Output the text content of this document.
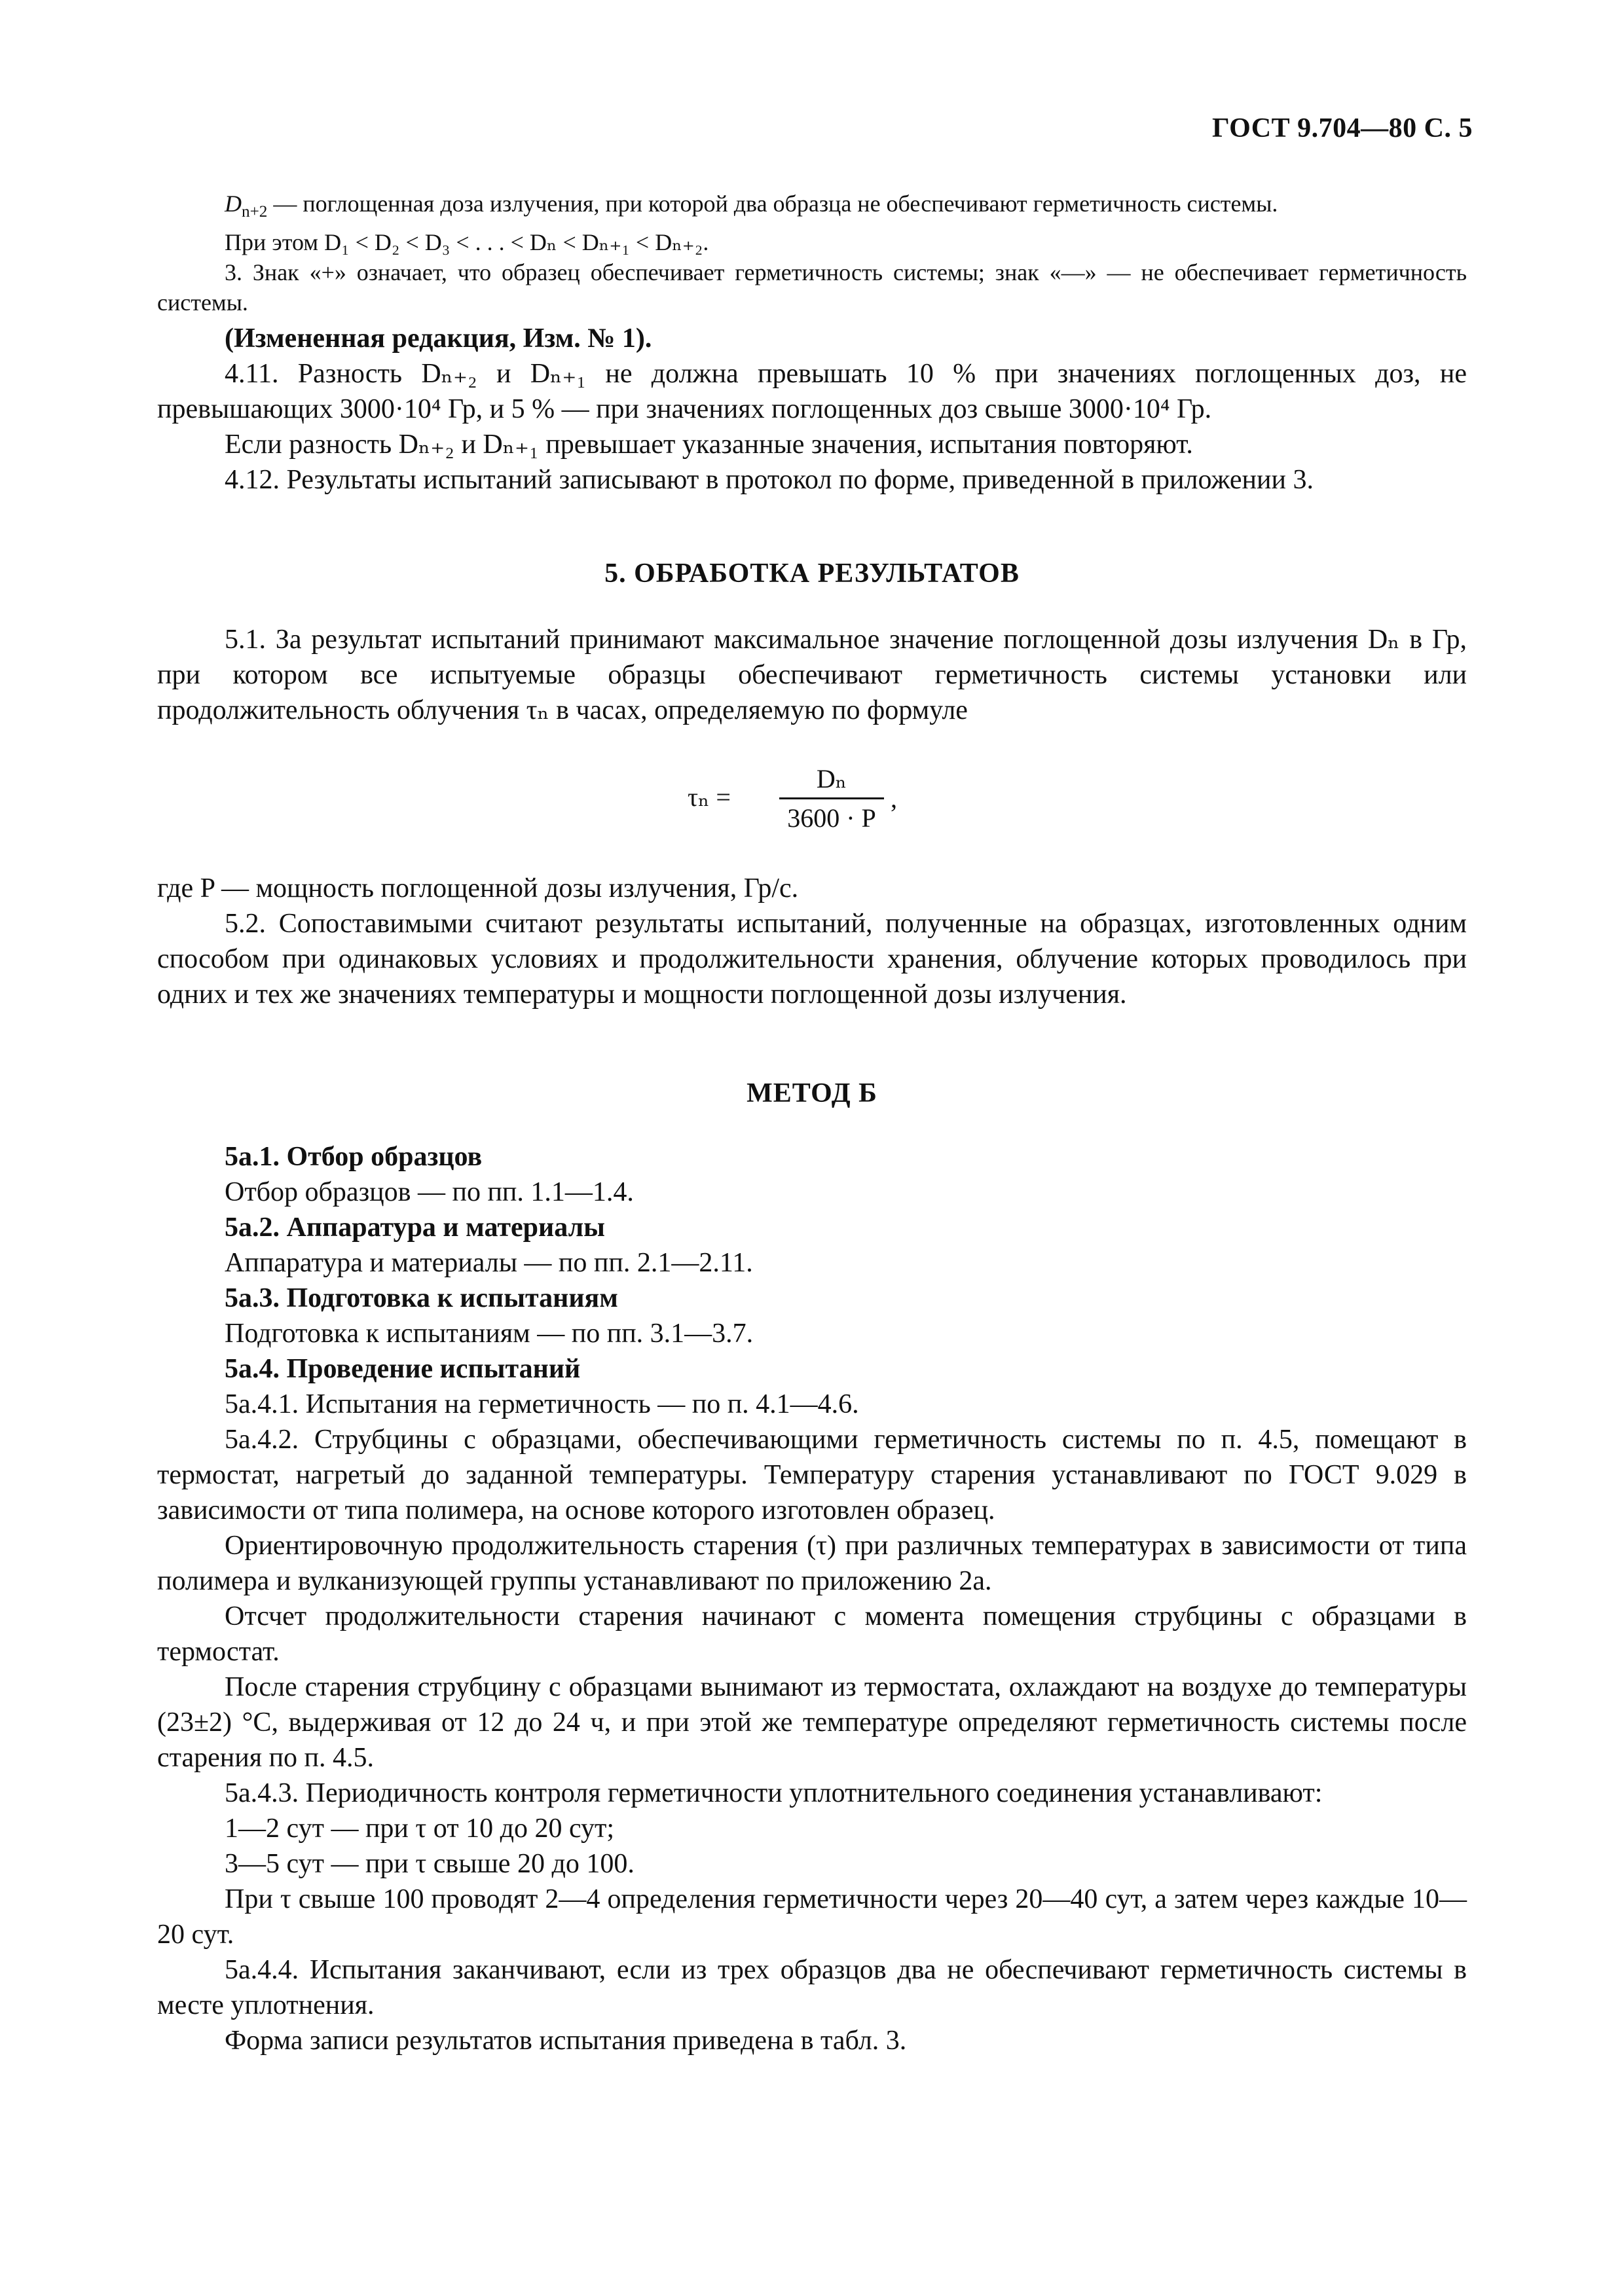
ГОСТ 9.704—80 С. 5

$D_{n+2}$ — поглощенная доза излучения, при которой два образца не обеспечивают герметичность системы.

При этом D₁ < D₂ < D₃ < . . . < Dₙ < Dₙ₊₁ < Dₙ₊₂.

3. Знак «+» означает, что образец обеспечивает герметичность системы; знак «—» — не обеспечивает герметичность системы.

(Измененная редакция, Изм. № 1).

4.11. Разность Dₙ₊₂ и Dₙ₊₁ не должна превышать 10 % при значениях поглощенных доз, не превышающих 3000·10⁴ Гр, и 5 % — при значениях поглощенных доз свыше 3000·10⁴ Гр.

Если разность Dₙ₊₂ и Dₙ₊₁ превышает указанные значения, испытания повторяют.

4.12. Результаты испытаний записывают в протокол по форме, приведенной в приложении 3.

5. ОБРАБОТКА РЕЗУЛЬТАТОВ

5.1. За результат испытаний принимают максимальное значение поглощенной дозы излучения Dₙ в Гр, при котором все испытуемые образцы обеспечивают герметичность системы установки или продолжительность облучения τₙ в часах, определяемую по формуле

τₙ =
Dₙ
3600 · P
,

где P — мощность поглощенной дозы излучения, Гр/с.

5.2. Сопоставимыми считают результаты испытаний, полученные на образцах, изготовленных одним способом при одинаковых условиях и продолжительности хранения, облучение которых проводилось при одних и тех же значениях температуры и мощности поглощенной дозы излучения.

МЕТОД Б

5а.1. Отбор образцов

Отбор образцов — по пп. 1.1—1.4.

5а.2. Аппаратура и материалы

Аппаратура и материалы — по пп. 2.1—2.11.

5а.3. Подготовка к испытаниям

Подготовка к испытаниям — по пп. 3.1—3.7.

5а.4. Проведение испытаний

5а.4.1. Испытания на герметичность — по п. 4.1—4.6.

5а.4.2. Струбцины с образцами, обеспечивающими герметичность системы по п. 4.5, помещают в термостат, нагретый до заданной температуры. Температуру старения устанавливают по ГОСТ 9.029 в зависимости от типа полимера, на основе которого изготовлен образец.

Ориентировочную продолжительность старения (τ) при различных температурах в зависимости от типа полимера и вулканизующей группы устанавливают по приложению 2а.

Отсчет продолжительности старения начинают с момента помещения струбцины с образцами в термостат.

После старения струбцину с образцами вынимают из термостата, охлаждают на воздухе до температуры (23±2) °С, выдерживая от 12 до 24 ч, и при этой же температуре определяют герметичность системы после старения по п. 4.5.

5а.4.3. Периодичность контроля герметичности уплотнительного соединения устанавливают:

1—2 сут — при τ от 10 до 20 сут;

3—5 сут — при τ свыше 20 до 100.

При τ свыше 100 проводят 2—4 определения герметичности через 20—40 сут, а затем через каждые 10—20 сут.

5а.4.4. Испытания заканчивают, если из трех образцов два не обеспечивают герметичность системы в месте уплотнения.

Форма записи результатов испытания приведена в табл. 3.
